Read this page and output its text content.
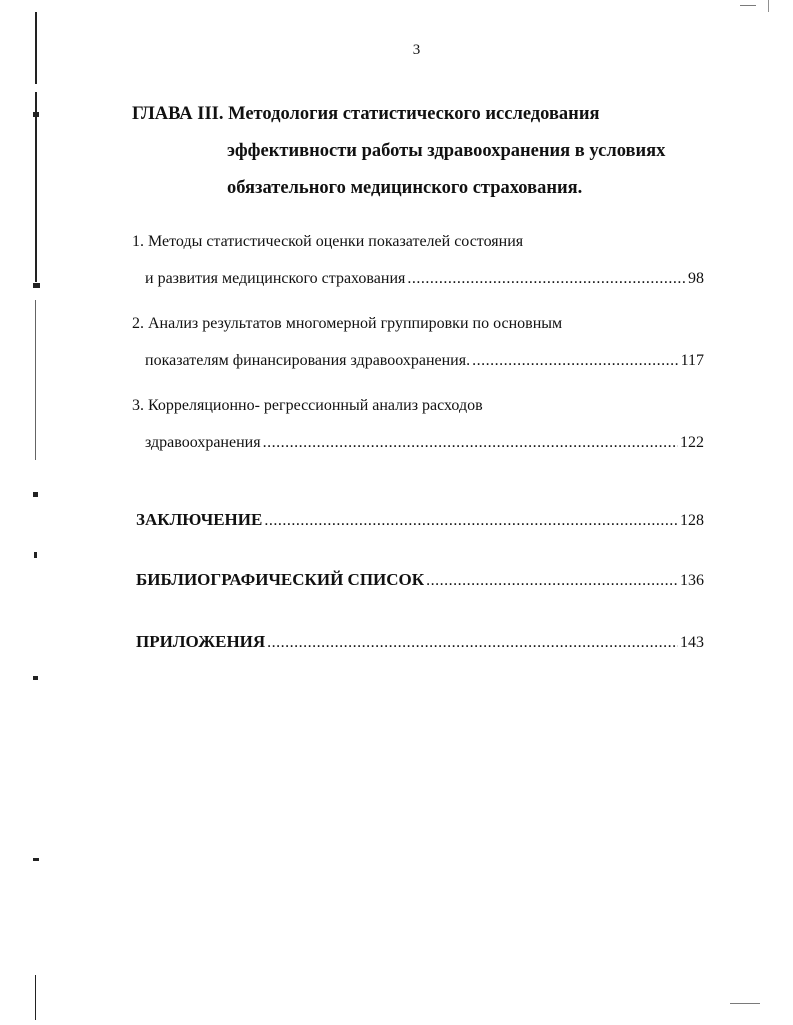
3
ГЛАВА III. Методология статистического исследования
эффективности работы здравоохранения в условиях
обязательного медицинского страхования.
1. Методы статистической оценки показателей состояния
и развития медицинского страхования .....	98
2. Анализ результатов многомерной группировки по основным
показателям финансирования здравоохранения. .....	117
3. Корреляционно- регрессионный анализ расходов
здравоохранения .....	122
ЗАКЛЮЧЕНИЕ .....	128
БИБЛИОГРАФИЧЕСКИЙ СПИСОК .....	136
ПРИЛОЖЕНИЯ .....	143
